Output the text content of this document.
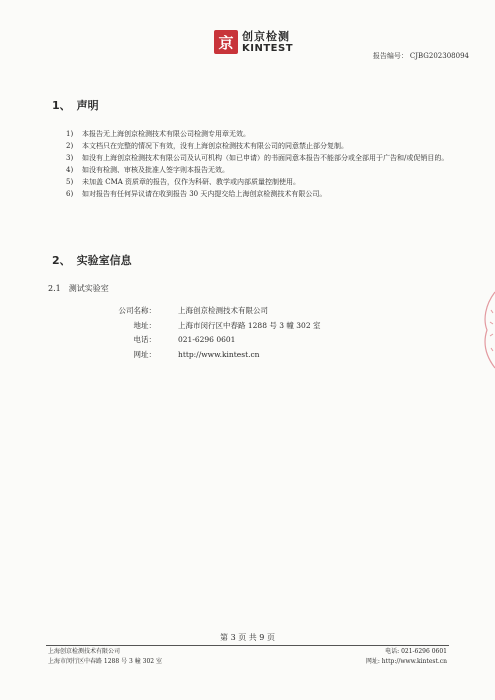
京 创京检测
KINTEST
报告编号： CJBG202308094
1、 声明
1)	本报告无上海创京检测技术有限公司检测专用章无效。
2)	本文档只在完整的情况下有效，没有上海创京检测技术有限公司的同意禁止部分复制。
3)	如没有上海创京检测技术有限公司及认可机构（如已申请）的书面同意本报告不能部分或全部用于广告和/或促销目的。
4)	如没有检测、审核及批准人签字则本报告无效。
5)	未加盖 CMA 资质章的报告，仅作为科研、教学或内部质量控制使用。
6)	如对报告有任何异议请在收到报告 30 天内提交给上海创京检测技术有限公司。
2、 实验室信息
2.1 测试实验室
公司名称：	上海创京检测技术有限公司
地址：	上海市闵行区中春路 1288 号 3 幢 302 室
电话：	021-6296 0601
网址：	http://www.kintest.cn
第 3 页 共 9 页
上海创京检测技术有限公司
上海市闵行区中春路 1288 号 3 幢 302 室
电话: 021-6296 0601
网址: http://www.kintest.cn
